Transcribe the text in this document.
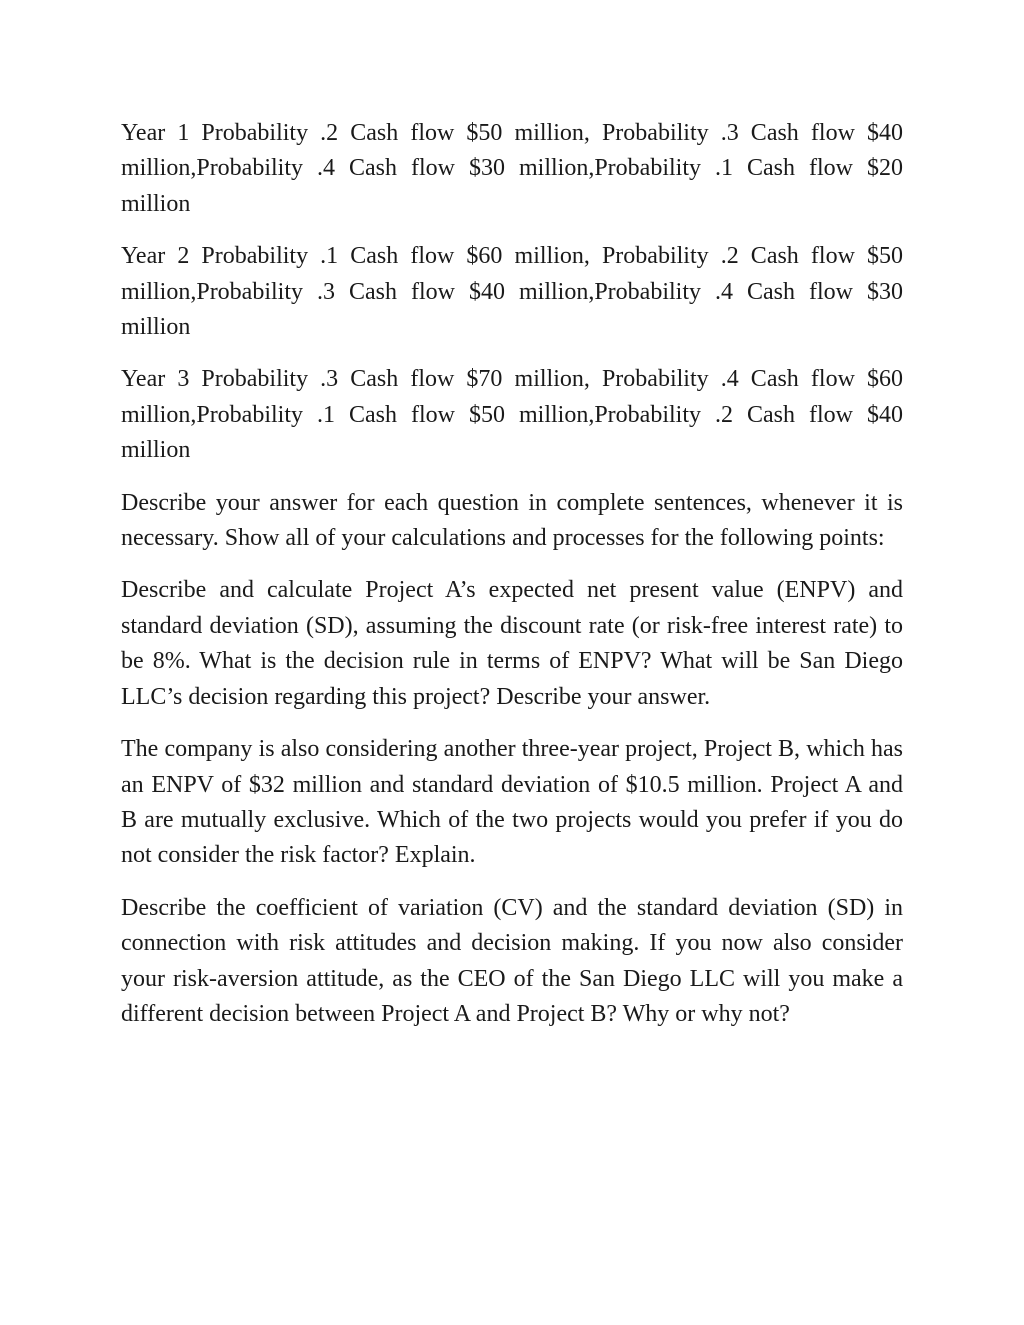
Year 1 Probability .2 Cash flow $50 million, Probability .3 Cash flow $40 million,Probability .4 Cash flow $30 million,Probability .1 Cash flow $20 million

Year 2 Probability .1 Cash flow $60 million, Probability .2 Cash flow $50 million,Probability .3 Cash flow $40 million,Probability .4 Cash flow $30 million

Year 3 Probability .3 Cash flow $70 million, Probability .4 Cash flow $60 million,Probability .1 Cash flow $50 million,Probability .2 Cash flow $40 million

Describe your answer for each question in complete sentences, whenever it is necessary. Show all of your calculations and processes for the following points:

Describe and calculate Project A’s expected net present value (ENPV) and standard deviation (SD), assuming the discount rate (or risk-free interest rate) to be 8%. What is the decision rule in terms of ENPV? What will be San Diego LLC’s decision regarding this project? Describe your answer.

The company is also considering another three-year project, Project B, which has an ENPV of $32 million and standard deviation of $10.5 million. Project A and B are mutually exclusive. Which of the two projects would you prefer if you do not consider the risk factor? Explain.

Describe the coefficient of variation (CV) and the standard deviation (SD) in connection with risk attitudes and decision making. If you now also consider your risk-aversion attitude, as the CEO of the San Diego LLC will you make a different decision between Project A and Project B? Why or why not?
